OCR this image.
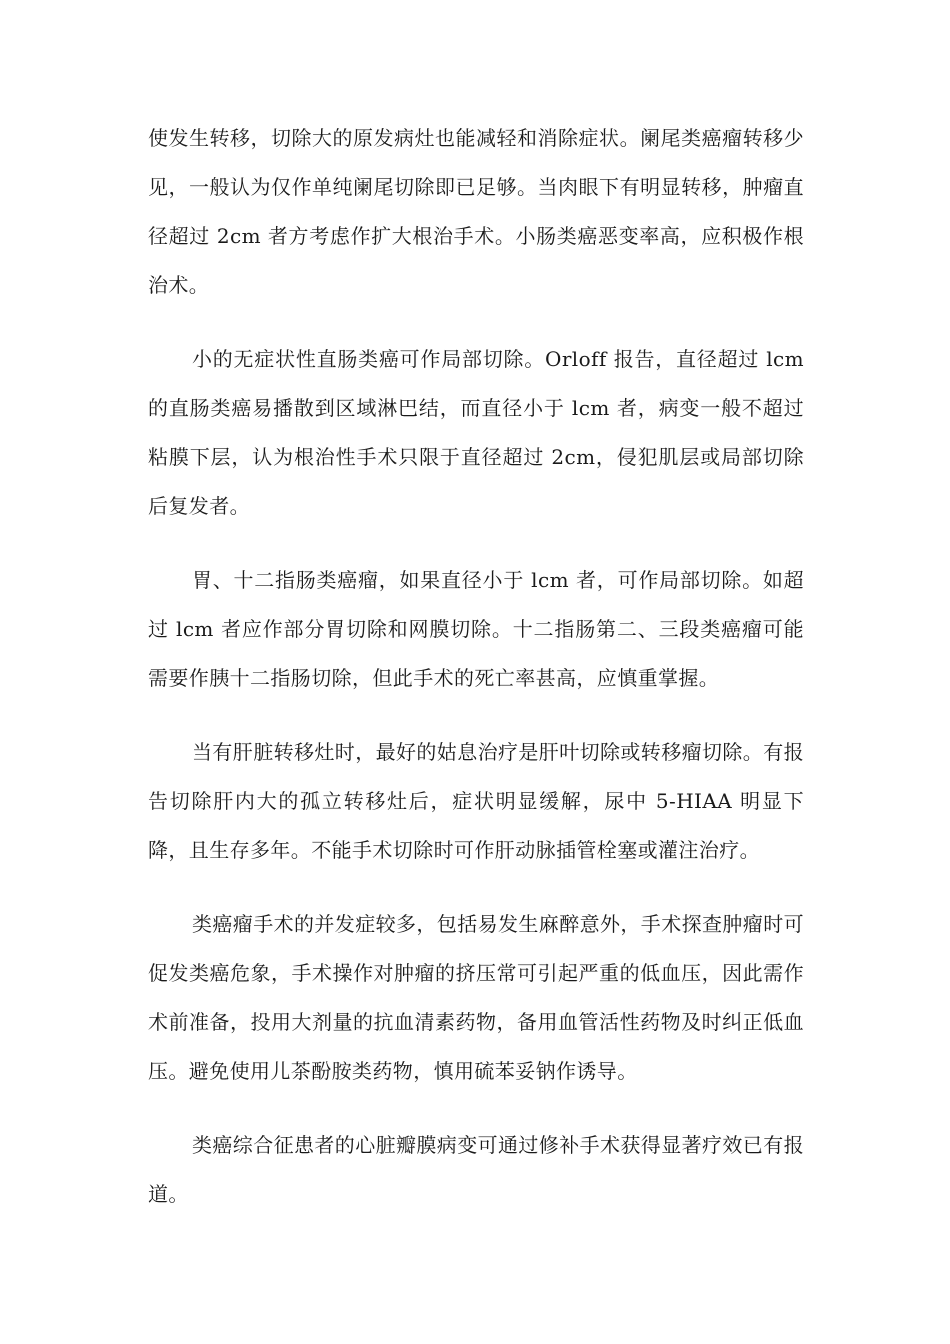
使发生转移，切除大的原发病灶也能减轻和消除症状。阑尾类癌瘤转移少见，一般认为仅作单纯阑尾切除即已足够。当肉眼下有明显转移，肿瘤直径超过 2cm 者方考虑作扩大根治手术。小肠类癌恶变率高，应积极作根治术。

小的无症状性直肠类癌可作局部切除。Orloff 报告，直径超过 lcm 的直肠类癌易播散到区域淋巴结，而直径小于 lcm 者，病变一般不超过粘膜下层，认为根治性手术只限于直径超过 2cm，侵犯肌层或局部切除后复发者。

胃、十二指肠类癌瘤，如果直径小于 lcm 者，可作局部切除。如超过 lcm 者应作部分胃切除和网膜切除。十二指肠第二、三段类癌瘤可能需要作胰十二指肠切除，但此手术的死亡率甚高，应慎重掌握。

当有肝脏转移灶时，最好的姑息治疗是肝叶切除或转移瘤切除。有报告切除肝内大的孤立转移灶后，症状明显缓解，尿中 5-HIAA 明显下降，且生存多年。不能手术切除时可作肝动脉插管栓塞或灌注治疗。

类癌瘤手术的并发症较多，包括易发生麻醉意外，手术探查肿瘤时可促发类癌危象，手术操作对肿瘤的挤压常可引起严重的低血压，因此需作术前准备，投用大剂量的抗血清素药物，备用血管活性药物及时纠正低血压。避免使用儿茶酚胺类药物，慎用硫苯妥钠作诱导。

类癌综合征患者的心脏瓣膜病变可通过修补手术获得显著疗效已有报道。
